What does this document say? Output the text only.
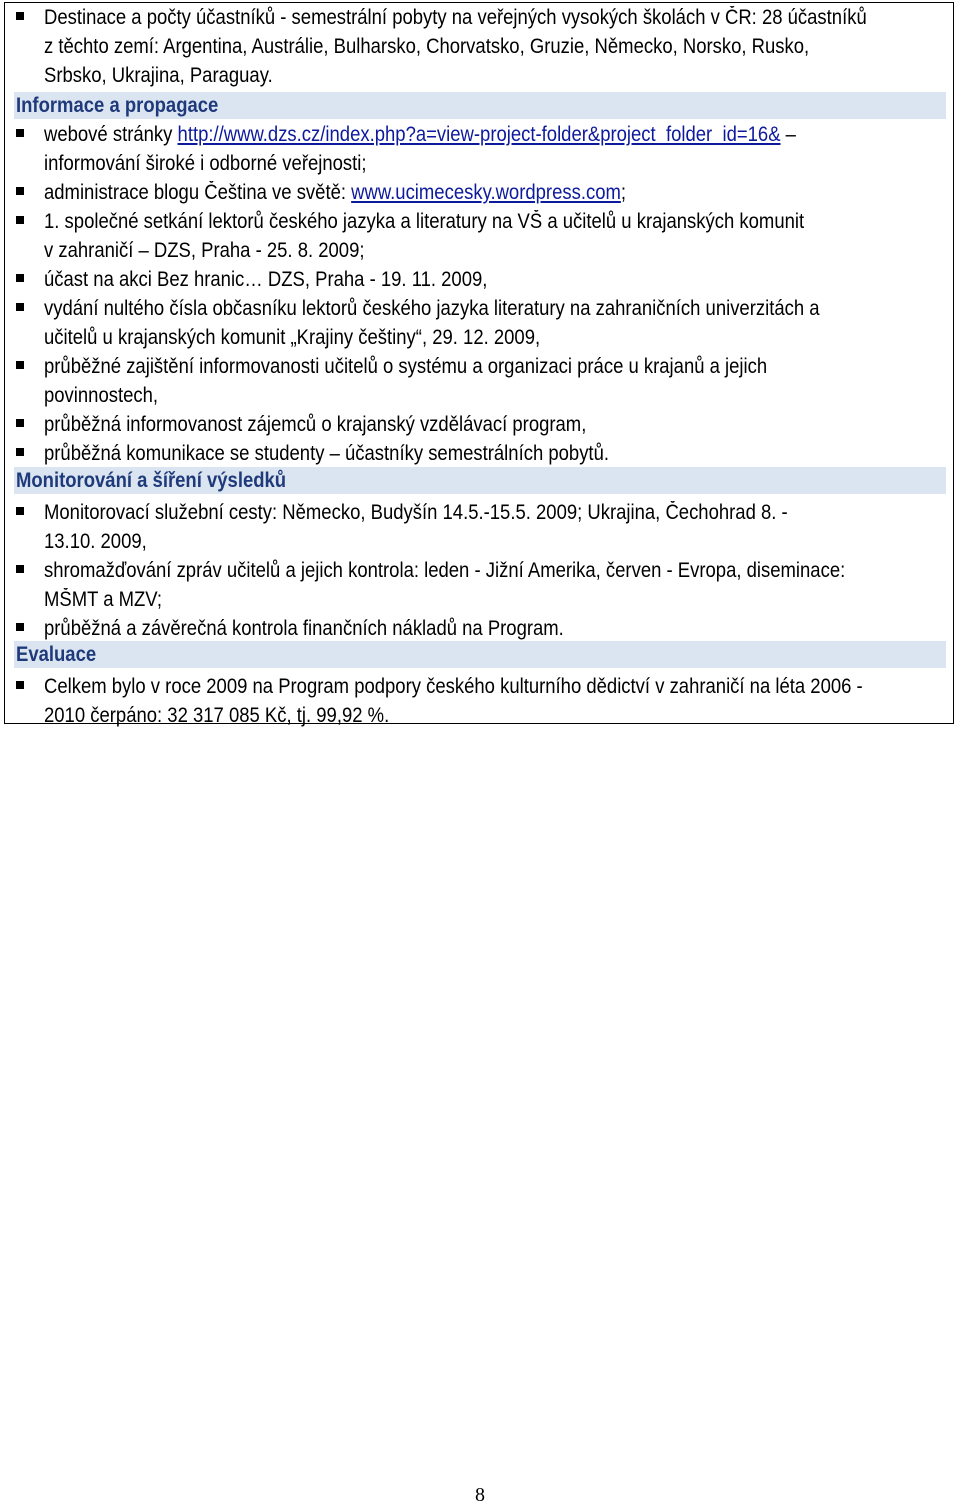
Destinace a počty účastníků - semestrální pobyty na veřejných vysokých školách v ČR: 28 účastníků
z těchto zemí: Argentina, Austrálie, Bulharsko, Chorvatsko, Gruzie, Německo, Norsko, Rusko,
Srbsko, Ukrajina, Paraguay.
Informace a propagace
webové stránky http://www.dzs.cz/index.php?a=view-project-folder&project_folder_id=16& –
informování široké i odborné veřejnosti;
administrace blogu Čeština ve světě: www.ucimecesky.wordpress.com;
1. společné setkání lektorů českého jazyka a literatury na VŠ a učitelů u krajanských komunit
v zahraničí – DZS, Praha - 25. 8. 2009;
účast na akci Bez hranic… DZS, Praha - 19. 11. 2009,
vydání nultého čísla občasníku lektorů českého jazyka literatury na zahraničních univerzitách a
učitelů u krajanských komunit „Krajiny češtiny“, 29. 12. 2009,
průběžné zajištění informovanosti učitelů o systému a organizaci práce u krajanů a jejich
povinnostech,
průběžná informovanost zájemců o krajanský vzdělávací program,
průběžná komunikace se studenty – účastníky semestrálních pobytů.
Monitorování a šíření výsledků
Monitorovací služební cesty: Německo, Budyšín 14.5.-15.5. 2009; Ukrajina, Čechohrad 8. -
13.10. 2009,
shromažďování zpráv učitelů a jejich kontrola: leden - Jižní Amerika, červen - Evropa, diseminace:
MŠMT a MZV;
průběžná a závěrečná kontrola finančních nákladů na Program.
Evaluace
Celkem bylo v roce 2009 na Program podpory českého kulturního dědictví v zahraničí na léta 2006 -
2010 čerpáno: 32 317 085 Kč, tj. 99,92 %.
8
